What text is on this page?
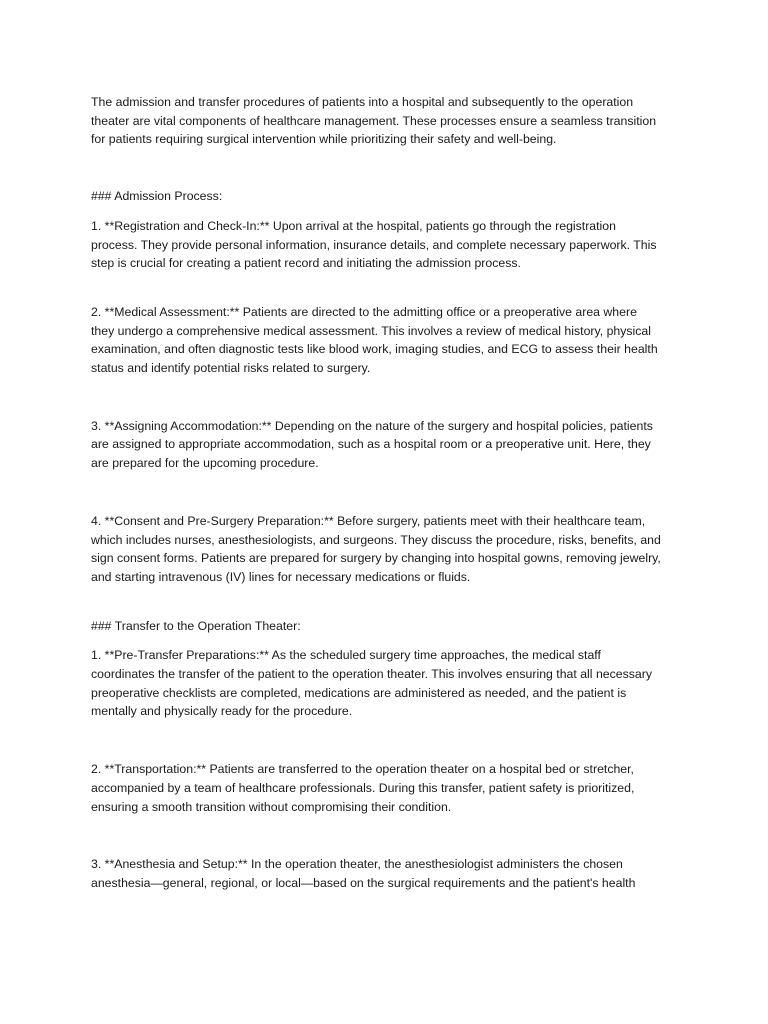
The admission and transfer procedures of patients into a hospital and subsequently to the operation
theater are vital components of healthcare management. These processes ensure a seamless transition
for patients requiring surgical intervention while prioritizing their safety and well-being.

### Admission Process:

1. **Registration and Check-In:** Upon arrival at the hospital, patients go through the registration
process. They provide personal information, insurance details, and complete necessary paperwork. This
step is crucial for creating a patient record and initiating the admission process.

2. **Medical Assessment:** Patients are directed to the admitting office or a preoperative area where
they undergo a comprehensive medical assessment. This involves a review of medical history, physical
examination, and often diagnostic tests like blood work, imaging studies, and ECG to assess their health
status and identify potential risks related to surgery.

3. **Assigning Accommodation:** Depending on the nature of the surgery and hospital policies, patients
are assigned to appropriate accommodation, such as a hospital room or a preoperative unit. Here, they
are prepared for the upcoming procedure.

4. **Consent and Pre-Surgery Preparation:** Before surgery, patients meet with their healthcare team,
which includes nurses, anesthesiologists, and surgeons. They discuss the procedure, risks, benefits, and
sign consent forms. Patients are prepared for surgery by changing into hospital gowns, removing jewelry,
and starting intravenous (IV) lines for necessary medications or fluids.

### Transfer to the Operation Theater:

1. **Pre-Transfer Preparations:** As the scheduled surgery time approaches, the medical staff
coordinates the transfer of the patient to the operation theater. This involves ensuring that all necessary
preoperative checklists are completed, medications are administered as needed, and the patient is
mentally and physically ready for the procedure.

2. **Transportation:** Patients are transferred to the operation theater on a hospital bed or stretcher,
accompanied by a team of healthcare professionals. During this transfer, patient safety is prioritized,
ensuring a smooth transition without compromising their condition.

3. **Anesthesia and Setup:** In the operation theater, the anesthesiologist administers the chosen
anesthesia—general, regional, or local—based on the surgical requirements and the patient's health
